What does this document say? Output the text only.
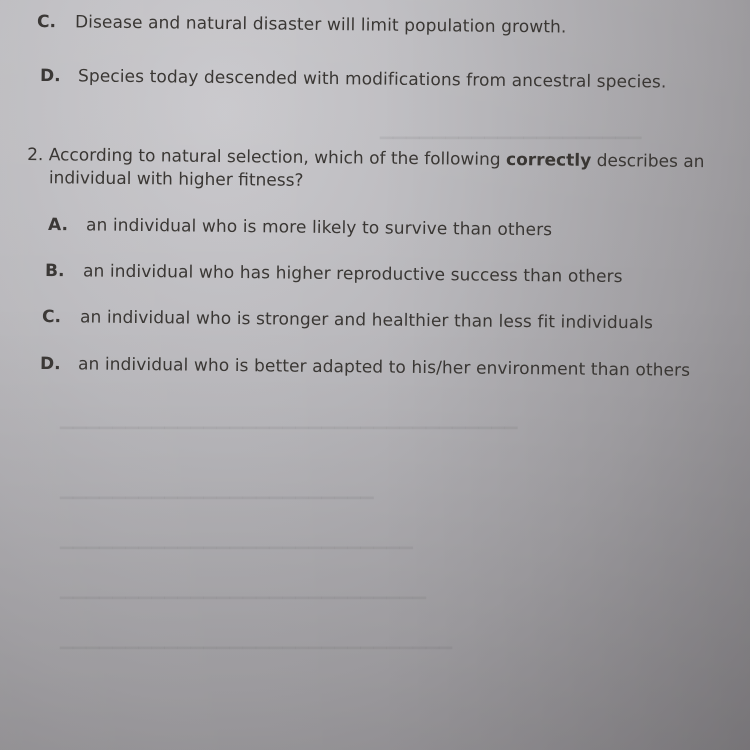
▁▁▁▁▁▁▁▁▁▁▁▁▁▁▁▁▁▁▁▁
▁▁▁▁▁▁▁▁▁▁▁▁▁▁▁▁▁▁▁▁▁▁▁▁▁▁▁▁▁▁▁▁▁▁▁
▁▁▁▁▁▁▁▁▁▁▁▁▁▁▁▁▁▁▁▁▁▁▁▁
▁▁▁▁▁▁▁▁▁▁▁▁▁▁▁▁▁▁▁▁▁▁▁▁▁▁▁
▁▁▁▁▁▁▁▁▁▁▁▁▁▁▁▁▁▁▁▁▁▁▁▁▁▁▁▁
▁▁▁▁▁▁▁▁▁▁▁▁▁▁▁▁▁▁▁▁▁▁▁▁▁▁▁▁▁▁
C. Disease and natural disaster will limit population growth.
D. Species today descended with modifications from ancestral species.
2. According to natural selection, which of the following correctly describes an
individual with higher fitness?
A. an individual who is more likely to survive than others
B. an individual who has higher reproductive success than others
C. an individual who is stronger and healthier than less fit individuals
D. an individual who is better adapted to his/her environment than others
